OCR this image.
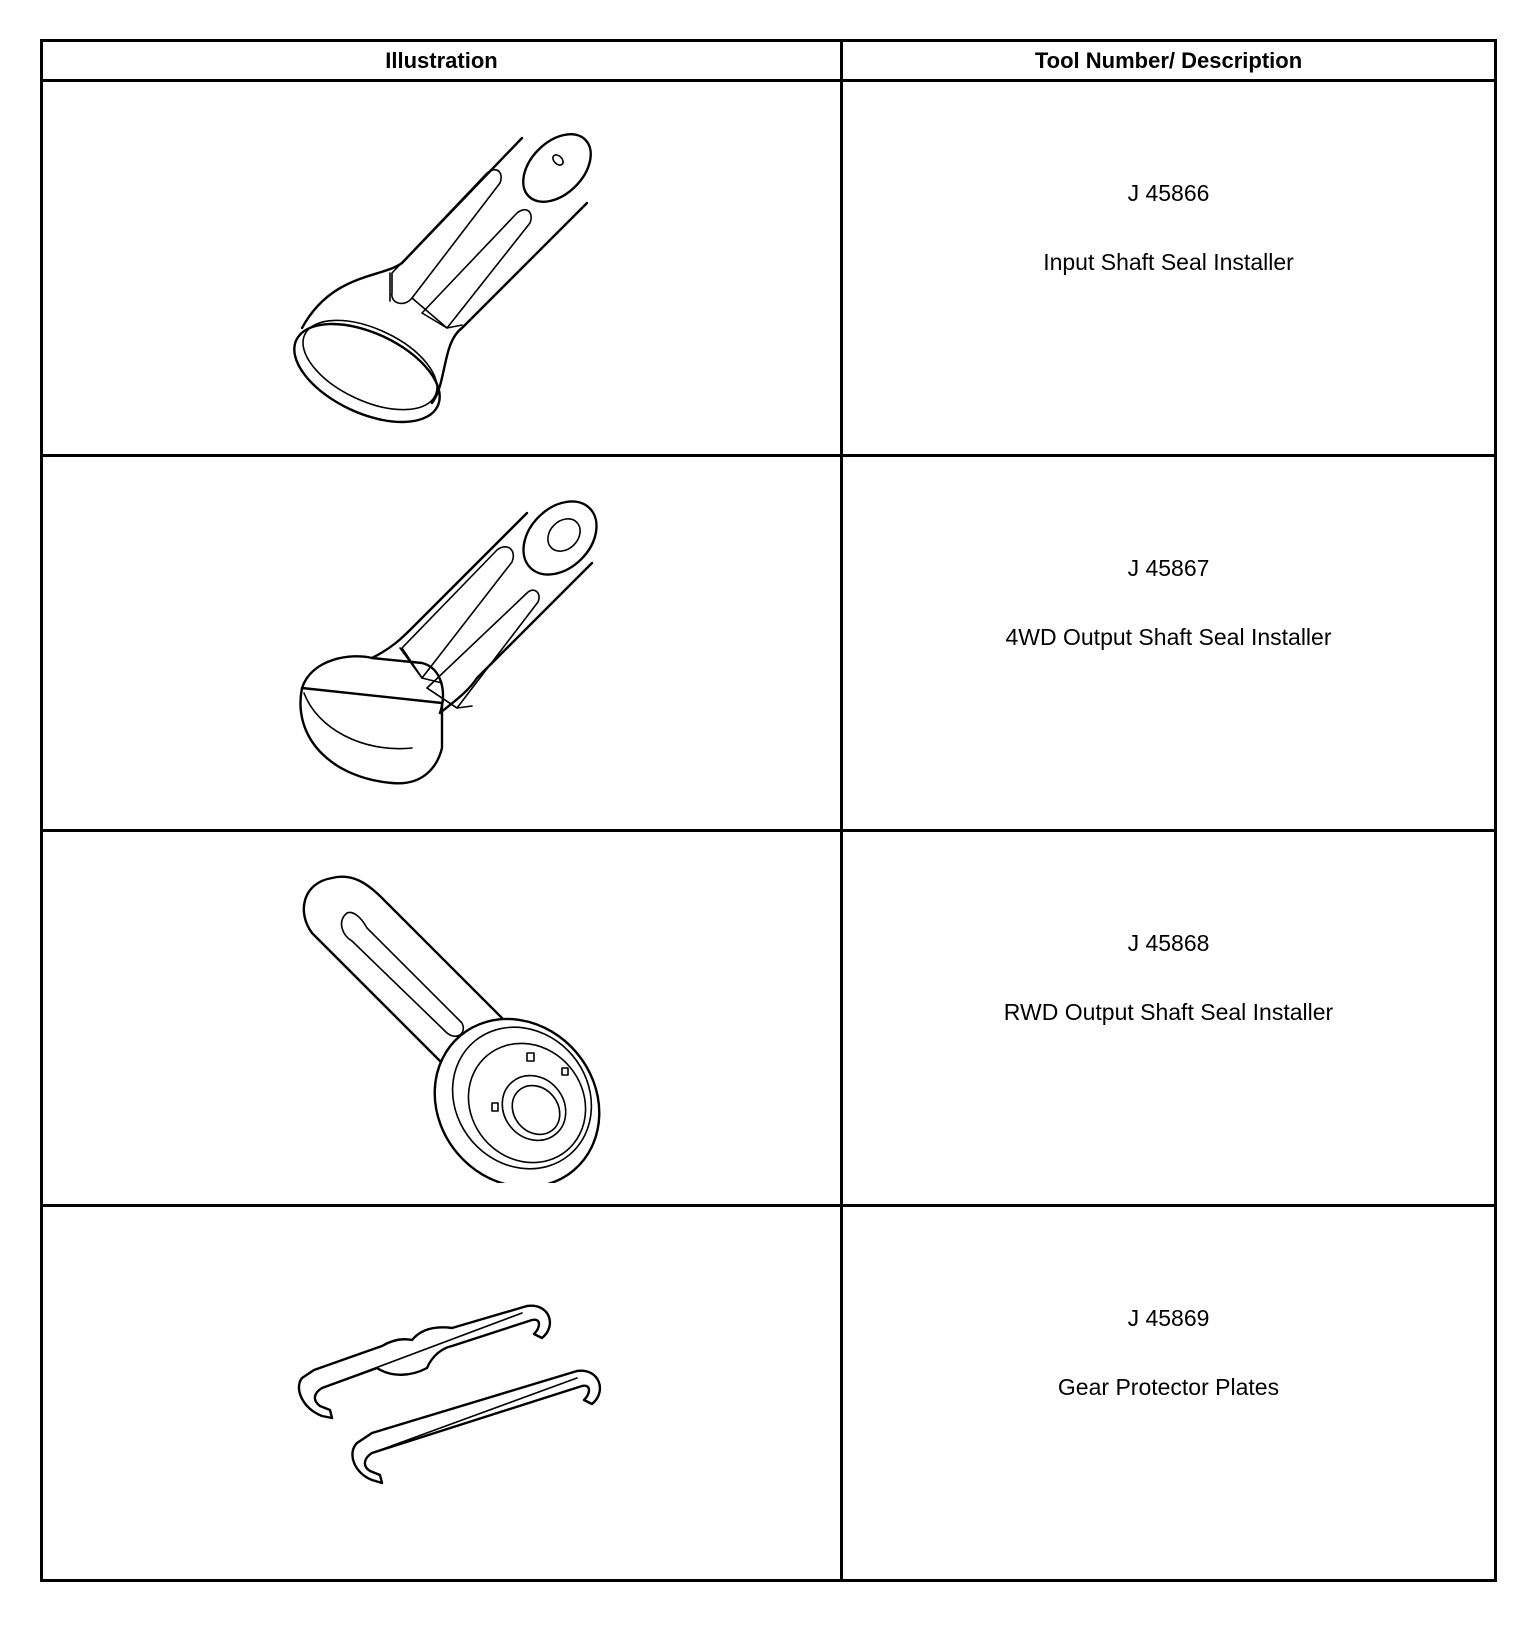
Illustration	Tool Number/ Description

J 45866
Input Shaft Seal Installer

J 45867
4WD Output Shaft Seal Installer

J 45868
RWD Output Shaft Seal Installer

J 45869
Gear Protector Plates
